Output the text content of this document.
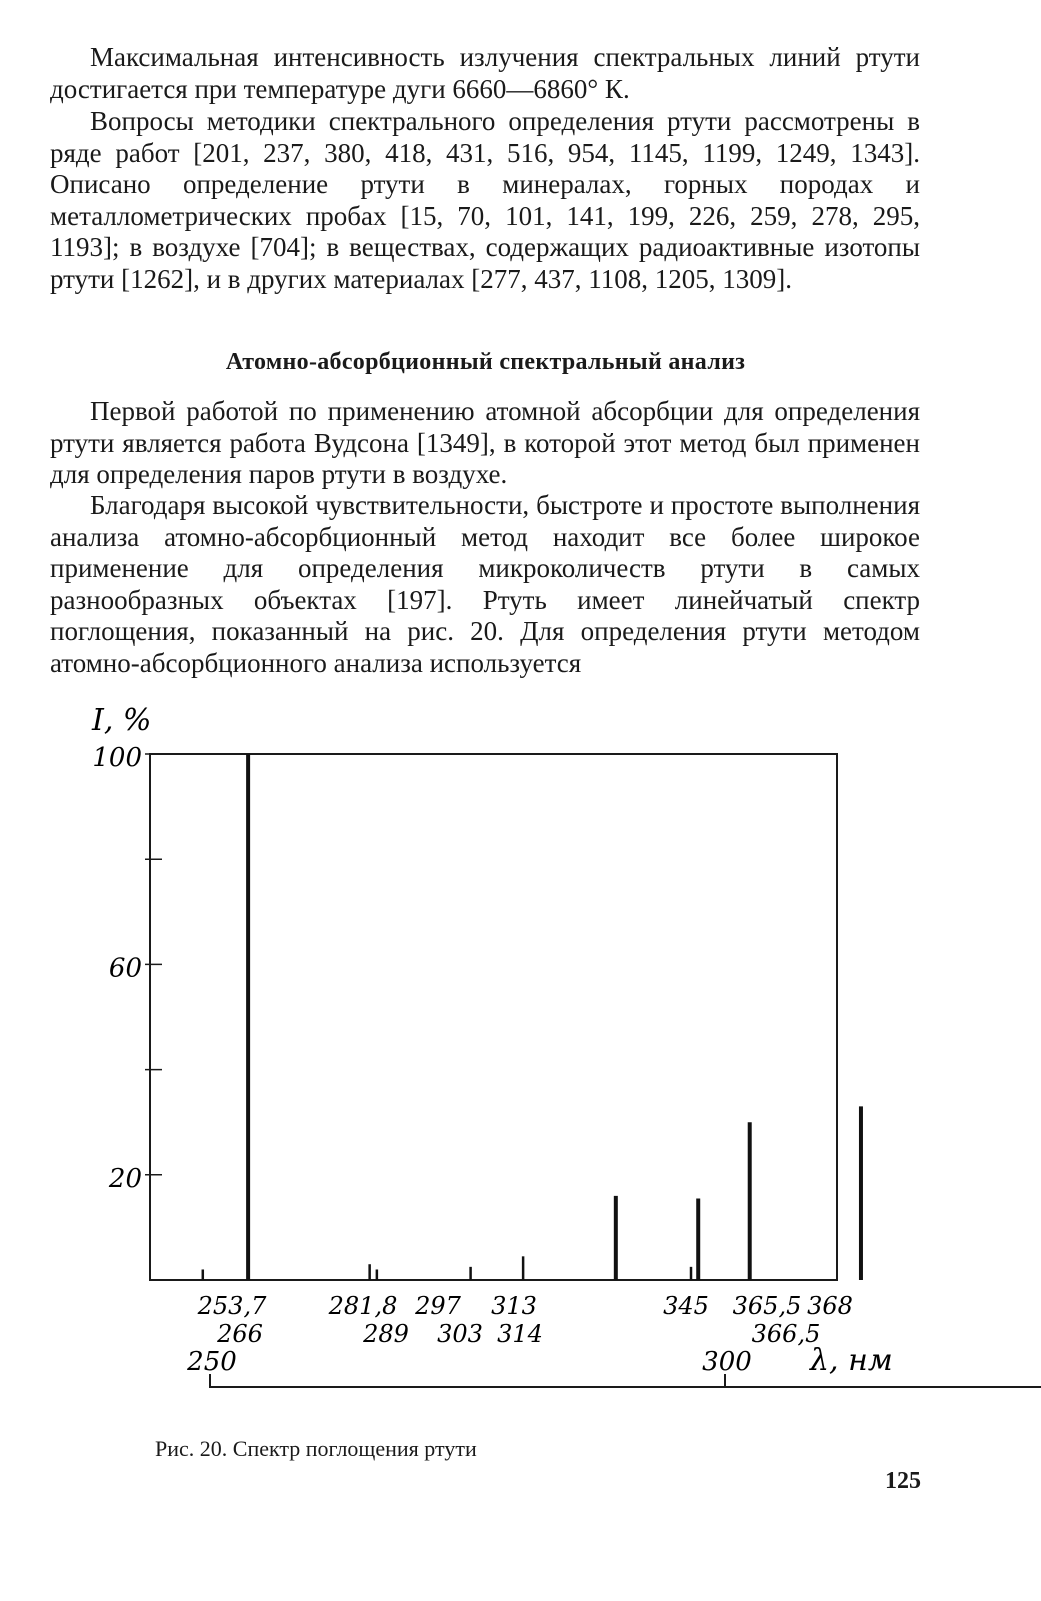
Максимальная интенсивность излучения спектральных линий ртути достигается при температуре дуги 6660—6860° К.

Вопросы методики спектрального определения ртути рассмотрены в ряде работ [201, 237, 380, 418, 431, 516, 954, 1145, 1199, 1249, 1343]. Описано определение ртути в минералах, горных породах и металлометрических пробах [15, 70, 101, 141, 199, 226, 259, 278, 295, 1193]; в воздухе [704]; в веществах, содержащих радиоактивные изотопы ртути [1262], и в других материалах [277, 437, 1108, 1205, 1309].

Атомно-абсорбционный спектральный анализ

Первой работой по применению атомной абсорбции для определения ртути является работа Вудсона [1349], в которой этот метод был применен для определения паров ртути в воздухе.

Благодаря высокой чувствительности, быстроте и простоте выполнения анализа атомно-абсорбционный метод находит все более широкое применение для определения микроколичеств ртути в самых разнообразных объектах [197]. Ртуть имеет линейчатый спектр поглощения, показанный на рис. 20. Для определения ртути методом атомно-абсорбционного анализа используется

I, %
100
60
20
253,7	281,8 297 313	345 365,5 368
266	289 303 314	366,5
250	300 λ, нм

Рис. 20. Спектр поглощения ртути

125
